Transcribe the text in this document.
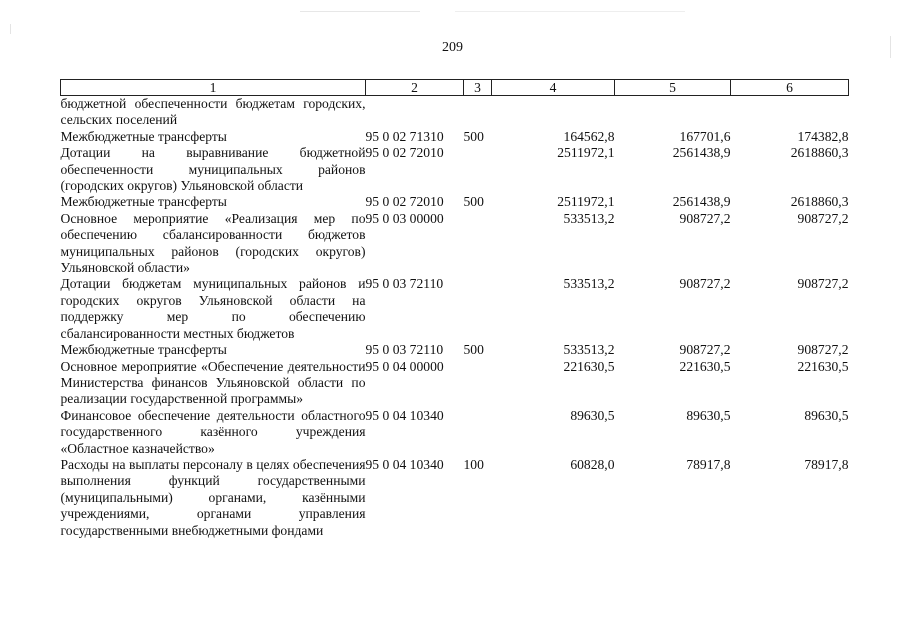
209
1	2	3	4	5	6
бюджетной обеспеченности бюджетам городских, сельских поселений					
Межбюджетные трансферты	95 0 02 71310	500	164562,8	167701,6	174382,8
Дотации на выравнивание бюджетной обеспеченности муниципальных районов (городских округов) Ульяновской области	95 0 02 72010		2511972,1	2561438,9	2618860,3
Межбюджетные трансферты	95 0 02 72010	500	2511972,1	2561438,9	2618860,3
Основное мероприятие «Реализация мер по обеспечению сбалансированности бюджетов муниципальных районов (городских округов) Ульяновской области»	95 0 03 00000		533513,2	908727,2	908727,2
Дотации бюджетам муниципальных районов и городских округов Ульяновской области на поддержку мер по обеспечению сбалансированности местных бюджетов	95 0 03 72110		533513,2	908727,2	908727,2
Межбюджетные трансферты	95 0 03 72110	500	533513,2	908727,2	908727,2
Основное мероприятие «Обеспечение деятельности Министерства финансов Ульяновской области по реализации государственной программы»	95 0 04 00000		221630,5	221630,5	221630,5
Финансовое обеспечение деятельности областного государственного казённого учреждения «Областное казначейство»	95 0 04 10340		89630,5	89630,5	89630,5
Расходы на выплаты персоналу в целях обеспечения выполнения функций государственными (муниципальными) органами, казёнными учреждениями, органами управления государственными внебюджетными фондами	95 0 04 10340	100	60828,0	78917,8	78917,8
